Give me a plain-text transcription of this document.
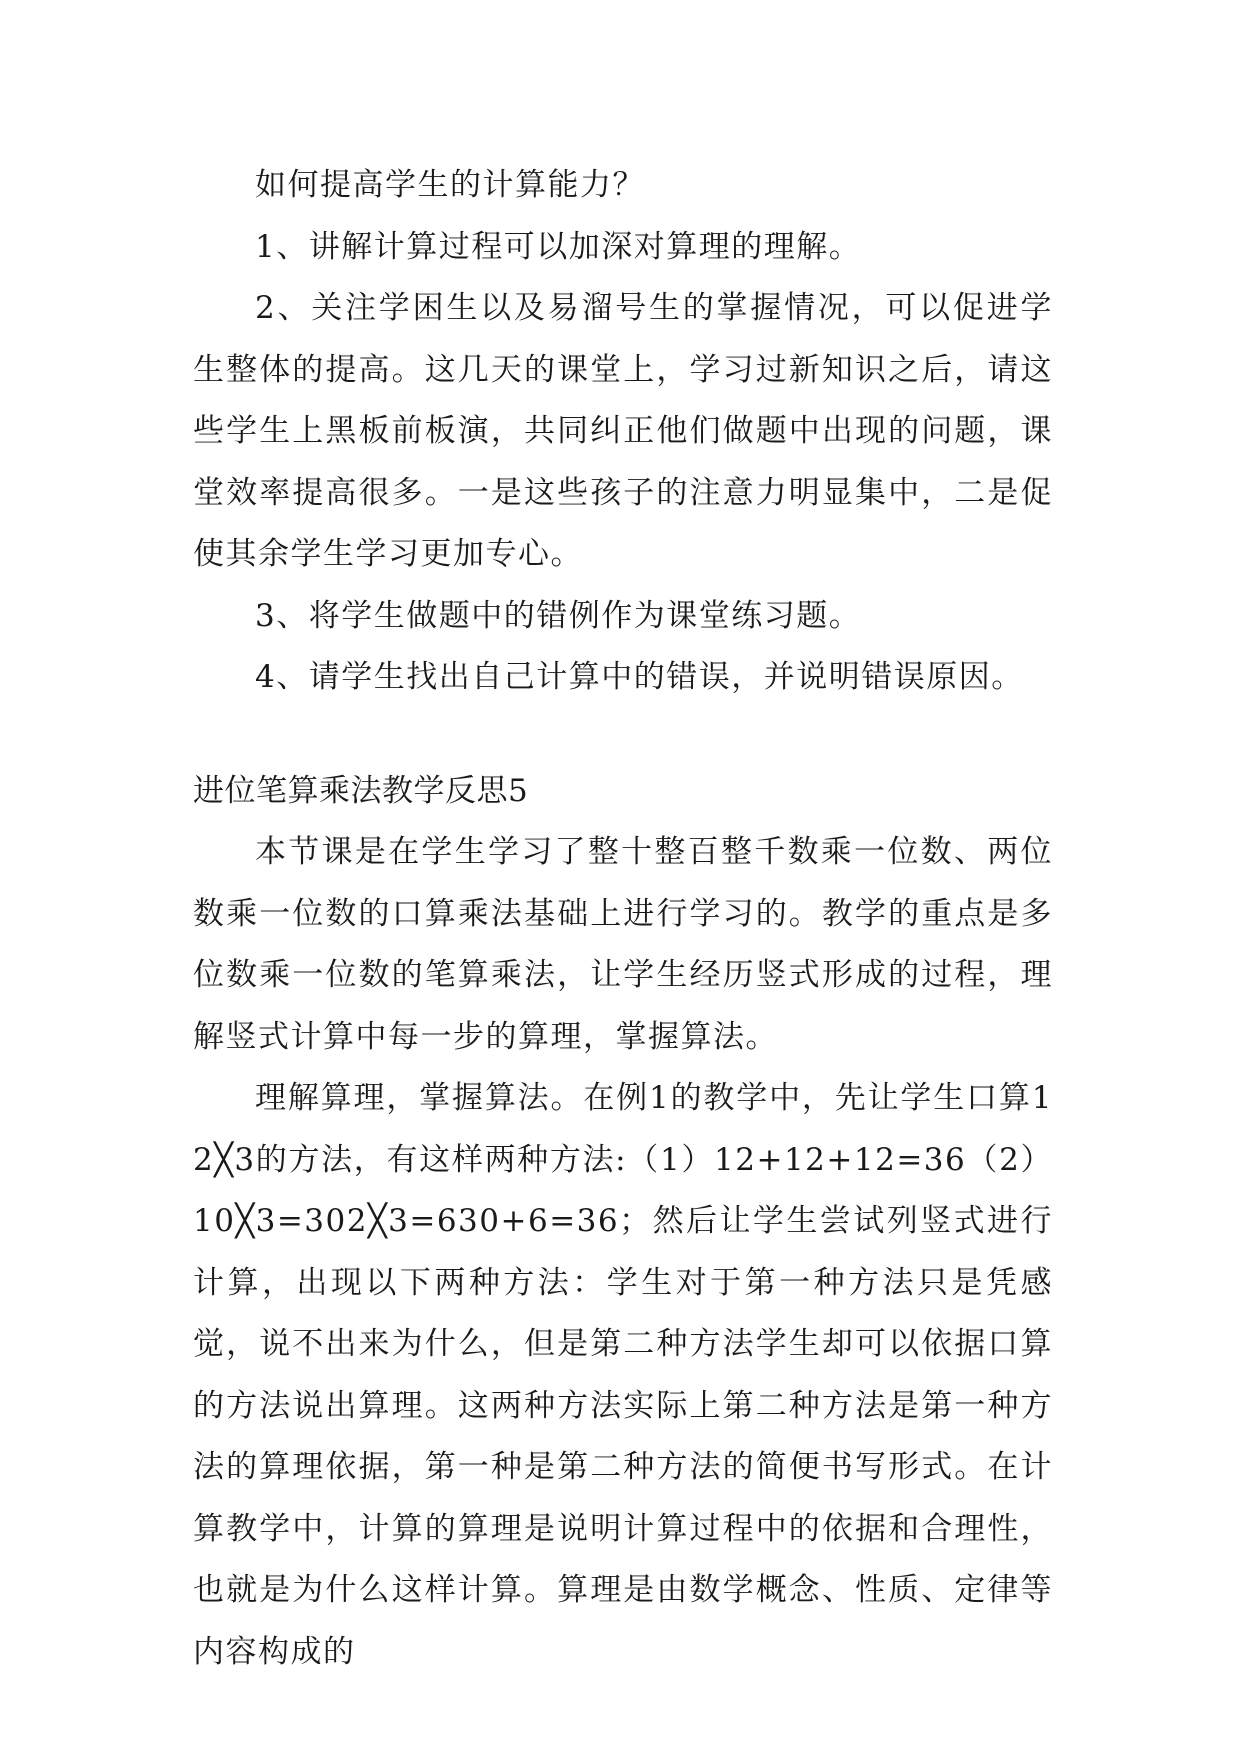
如何提高学生的计算能力？

1、讲解计算过程可以加深对算理的理解。

2、关注学困生以及易溜号生的掌握情况，可以促进学生整体的提高。这几天的课堂上，学习过新知识之后，请这些学生上黑板前板演，共同纠正他们做题中出现的问题，课堂效率提高很多。一是这些孩子的注意力明显集中，二是促使其余学生学习更加专心。

3、将学生做题中的错例作为课堂练习题。

4、请学生找出自己计算中的错误，并说明错误原因。

进位笔算乘法教学反思5

本节课是在学生学习了整十整百整千数乘一位数、两位数乘一位数的口算乘法基础上进行学习的。教学的重点是多位数乘一位数的笔算乘法，让学生经历竖式形成的过程，理解竖式计算中每一步的算理，掌握算法。

理解算理，掌握算法。在例1的教学中，先让学生口算12╳3的方法，有这样两种方法:（1）12+12+12=36（2）10╳3=302╳3=630+6=36；然后让学生尝试列竖式进行计算，出现以下两种方法：学生对于第一种方法只是凭感觉，说不出来为什么，但是第二种方法学生却可以依据口算的方法说出算理。这两种方法实际上第二种方法是第一种方法的算理依据，第一种是第二种方法的简便书写形式。在计算教学中，计算的算理是说明计算过程中的依据和合理性，也就是为什么这样计算。算理是由数学概念、性质、定律等内容构成的
